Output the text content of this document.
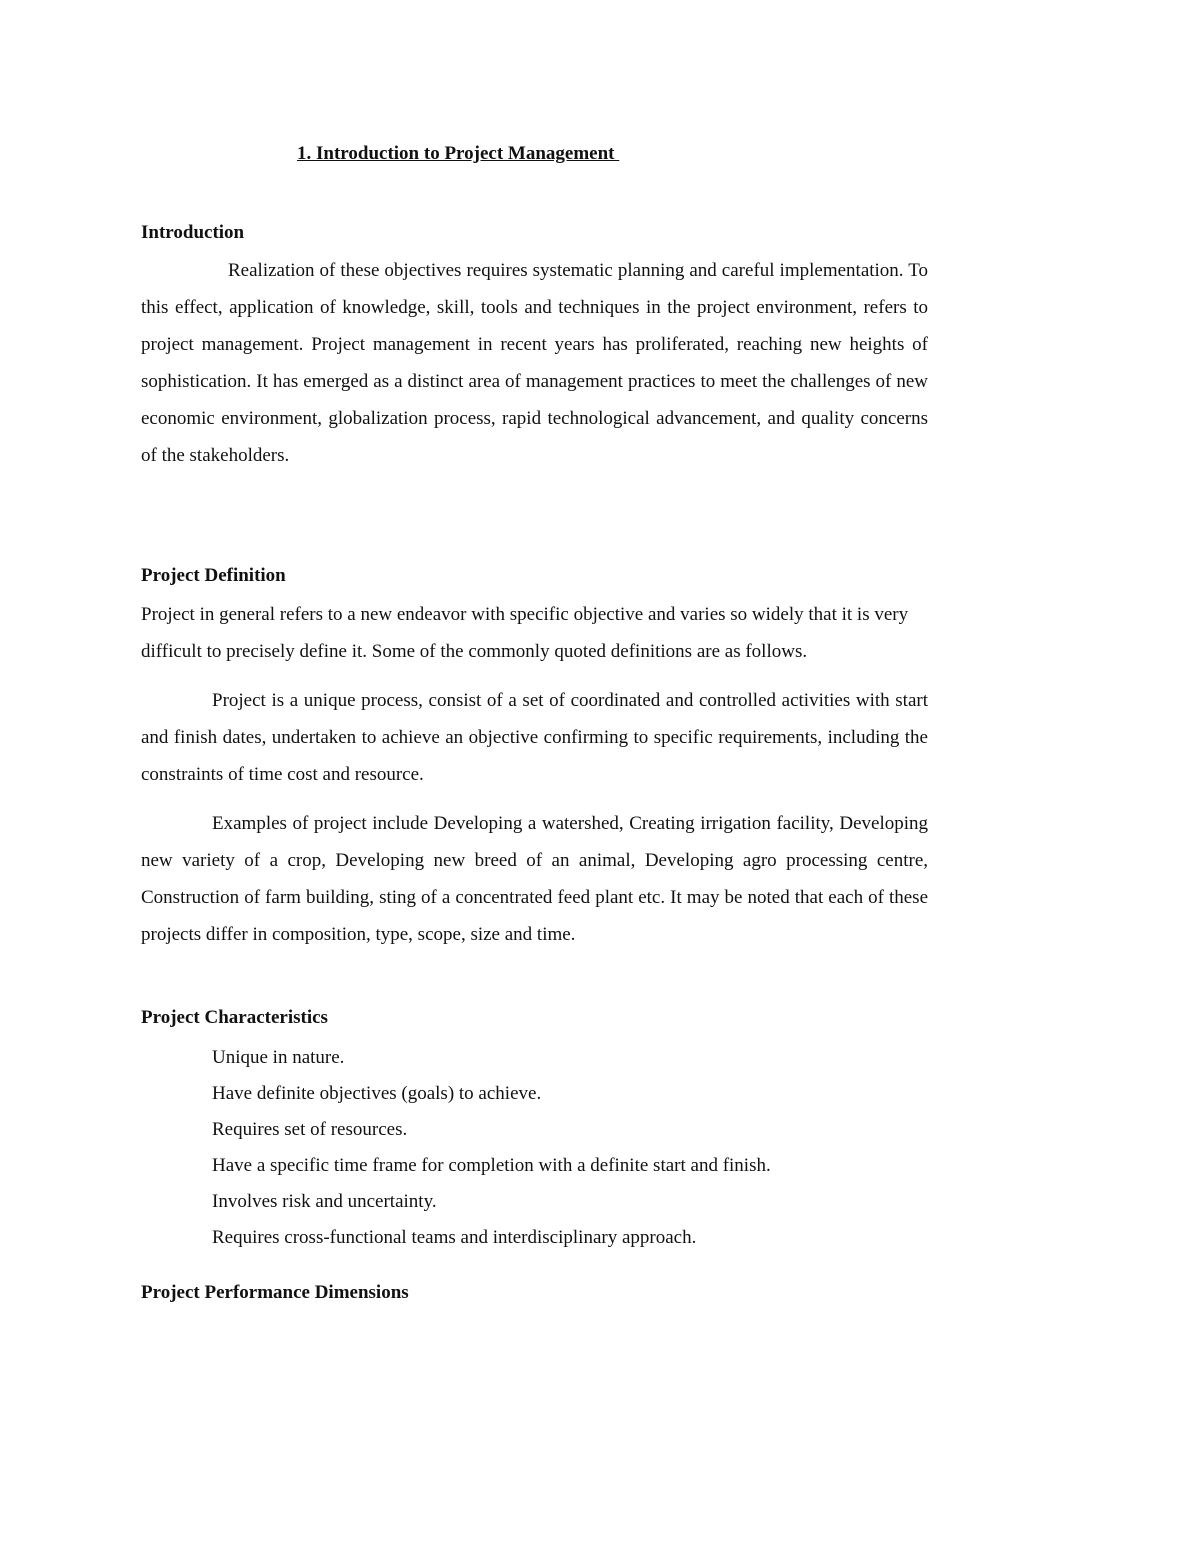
1. Introduction to Project Management
Introduction
Realization of these objectives requires systematic planning and careful implementation. To this effect, application of knowledge, skill, tools and techniques in the project environment, refers to project management. Project management in recent years has proliferated, reaching new heights of sophistication. It has emerged as a distinct area of management practices to meet the challenges of new economic environment, globalization process, rapid technological advancement, and quality concerns of the stakeholders.
Project Definition
Project in general refers to a new endeavor with specific objective and varies so widely that it is very difficult to precisely define it. Some of the commonly quoted definitions are as follows.
Project is a unique process, consist of a set of coordinated and controlled activities with start and finish dates, undertaken to achieve an objective confirming to specific requirements, including the constraints of time cost and resource.
Examples of project include Developing a watershed, Creating irrigation facility, Developing new variety of a crop, Developing new breed of an animal, Developing agro processing centre, Construction of farm building, sting of a concentrated feed plant etc. It may be noted that each of these projects differ in composition, type, scope, size and time.
Project Characteristics
Unique in nature.
Have definite objectives (goals) to achieve.
Requires set of resources.
Have a specific time frame for completion with a definite start and finish.
Involves risk and uncertainty.
Requires cross-functional teams and interdisciplinary approach.
Project Performance Dimensions
